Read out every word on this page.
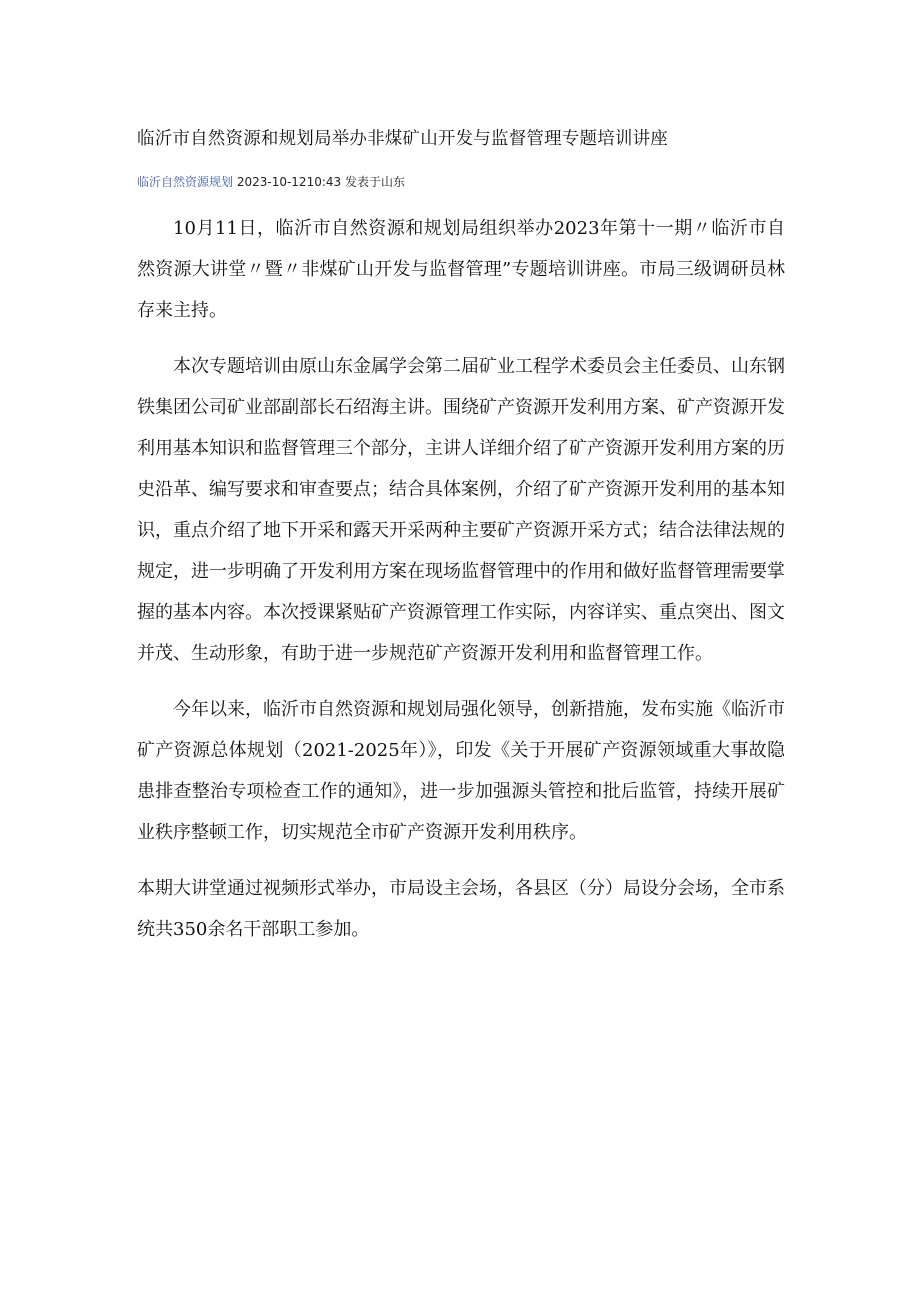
临沂市自然资源和规划局举办非煤矿山开发与监督管理专题培训讲座
临沂自然资源规划 2023-10-1210:43 发表于山东

10月11日，临沂市自然资源和规划局组织举办2023年第十一期〃临沂市自然资源大讲堂〃暨〃非煤矿山开发与监督管理”专题培训讲座。市局三级调研员林存来主持。

本次专题培训由原山东金属学会第二届矿业工程学术委员会主任委员、山东钢铁集团公司矿业部副部长石绍海主讲。围绕矿产资源开发利用方案、矿产资源开发利用基本知识和监督管理三个部分，主讲人详细介绍了矿产资源开发利用方案的历史沿革、编写要求和审查要点；结合具体案例，介绍了矿产资源开发利用的基本知识，重点介绍了地下开采和露天开采两种主要矿产资源开采方式；结合法律法规的规定，进一步明确了开发利用方案在现场监督管理中的作用和做好监督管理需要掌握的基本内容。本次授课紧贴矿产资源管理工作实际，内容详实、重点突出、图文并茂、生动形象，有助于进一步规范矿产资源开发利用和监督管理工作。

今年以来，临沂市自然资源和规划局强化领导，创新措施，发布实施《临沂市矿产资源总体规划（2021-2025年）》，印发《关于开展矿产资源领域重大事故隐患排查整治专项检查工作的通知》，进一步加强源头管控和批后监管，持续开展矿业秩序整顿工作，切实规范全市矿产资源开发利用秩序。

本期大讲堂通过视频形式举办，市局设主会场，各县区（分）局设分会场，全市系统共350余名干部职工参加。
